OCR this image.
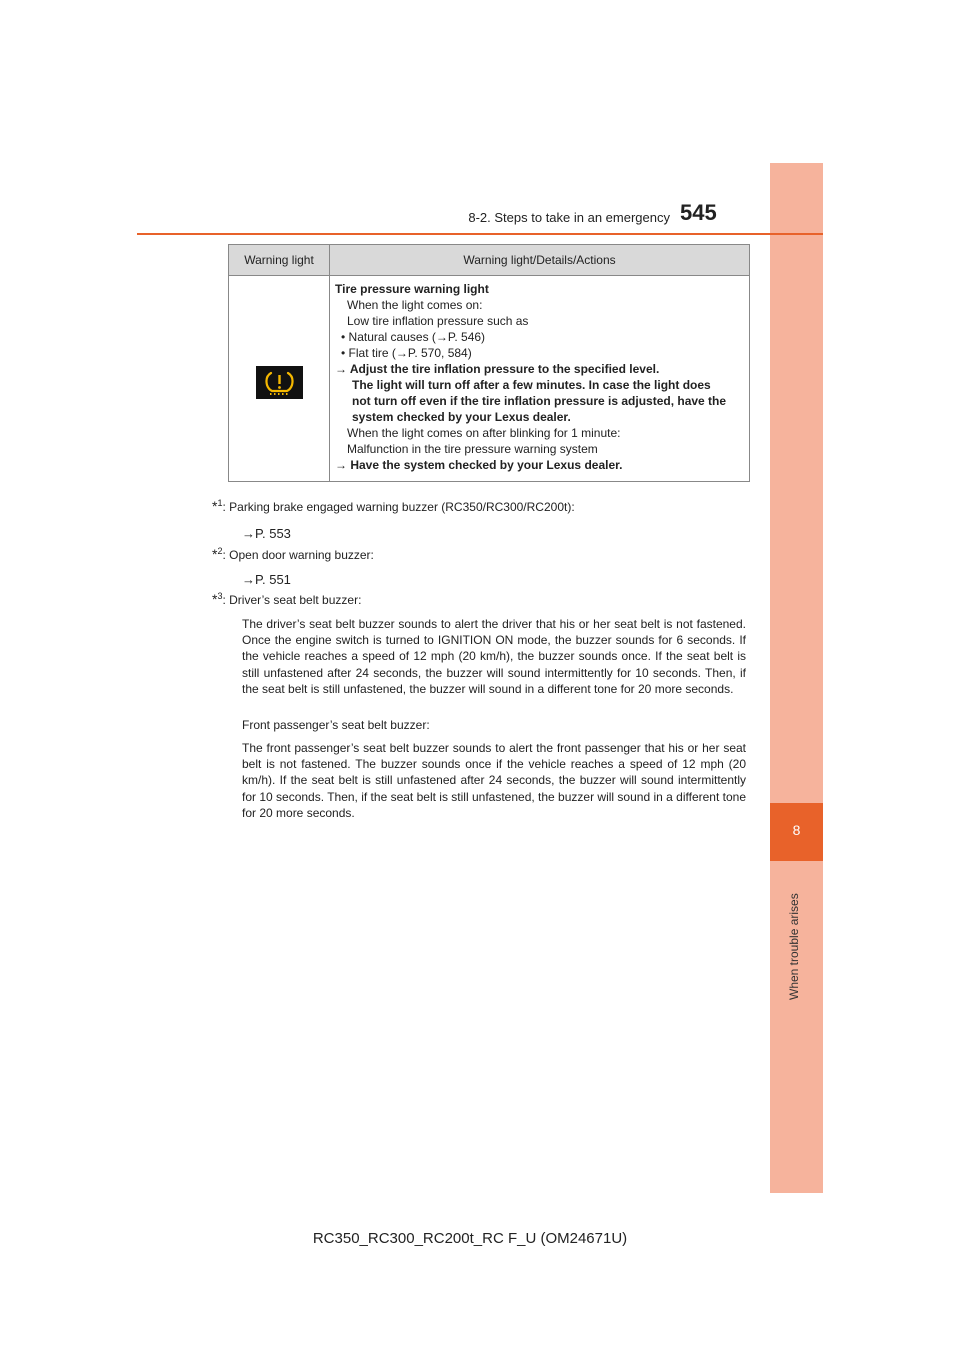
8
When trouble arises
8-2. Steps to take in an emergency 545
Warning light	Warning light/Details/Actions
Tire pressure warning light
When the light comes on:
Low tire inflation pressure such as
• Natural causes (→P. 546)
• Flat tire (→P. 570, 584)
→ Adjust the tire inflation pressure to the specified level.
The light will turn off after a few minutes. In case the light does
not turn off even if the tire inflation pressure is adjusted, have the
system checked by your Lexus dealer.
When the light comes on after blinking for 1 minute:
Malfunction in the tire pressure warning system
→ Have the system checked by your Lexus dealer.
*$^1$: Parking brake engaged warning buzzer (RC350/RC300/RC200t):
→P. 553
*$^2$: Open door warning buzzer:
→P. 551
*$^3$: Driver’s seat belt buzzer:
The driver’s seat belt buzzer sounds to alert the driver that his or her seat belt is not fastened. Once the engine switch is turned to IGNITION ON mode, the buzzer sounds for 6 seconds. If the vehicle reaches a speed of 12 mph (20 km/h), the buzzer sounds once. If the seat belt is still unfastened after 24 seconds, the buzzer will sound intermittently for 10 seconds. Then, if the seat belt is still unfastened, the buzzer will sound in a different tone for 20 more seconds.
Front passenger’s seat belt buzzer:
The front passenger’s seat belt buzzer sounds to alert the front passenger that his or her seat belt is not fastened. The buzzer sounds once if the vehicle reaches a speed of 12 mph (20 km/h). If the seat belt is still unfastened after 24 seconds, the buzzer will sound intermittently for 10 seconds. Then, if the seat belt is still unfastened, the buzzer will sound in a different tone for 20 more seconds.
RC350_RC300_RC200t_RC F_U (OM24671U)
